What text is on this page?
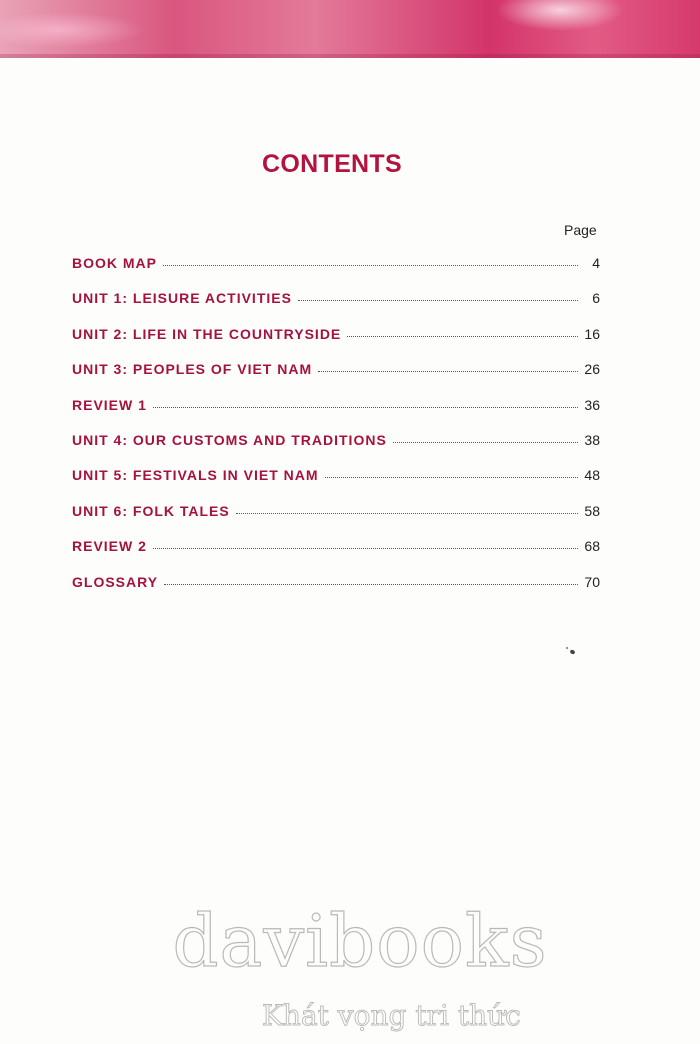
CONTENTS
Page
BOOK MAP	4
UNIT 1: LEISURE ACTIVITIES	6
UNIT 2: LIFE IN THE COUNTRYSIDE	16
UNIT 3: PEOPLES OF VIET NAM	26
REVIEW 1	36
UNIT 4: OUR CUSTOMS AND TRADITIONS	38
UNIT 5: FESTIVALS IN VIET NAM	48
UNIT 6: FOLK TALES	58
REVIEW 2	68
GLOSSARY	70
davibooks
Khát vọng tri thức
